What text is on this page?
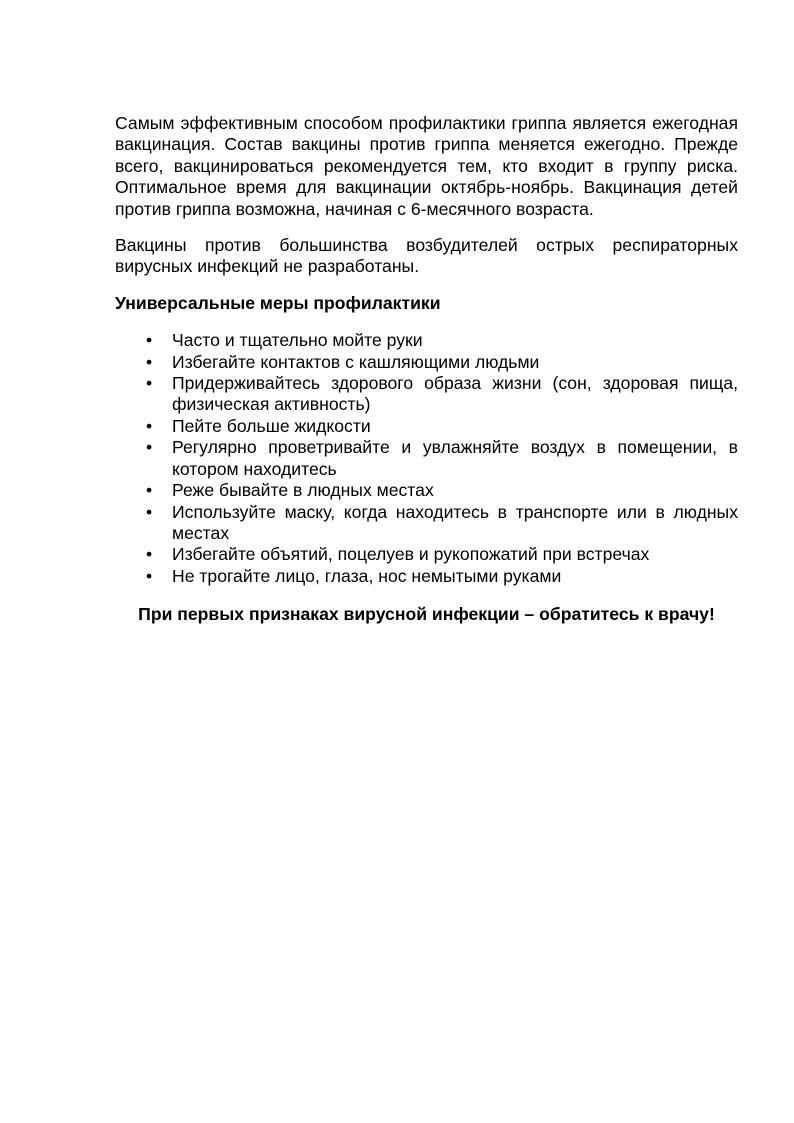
Самым эффективным способом профилактики гриппа является ежегодная вакцинация. Состав вакцины против гриппа меняется ежегодно. Прежде всего, вакцинироваться рекомендуется тем, кто входит в группу риска. Оптимальное время для вакцинации октябрь-ноябрь. Вакцинация детей против гриппа возможна, начиная с 6-месячного возраста.

Вакцины против большинства возбудителей острых респираторных вирусных инфекций не разработаны.

Универсальные меры профилактики

• Часто и тщательно мойте руки
• Избегайте контактов с кашляющими людьми
• Придерживайтесь здорового образа жизни (сон, здоровая пища, физическая активность)
• Пейте больше жидкости
• Регулярно проветривайте и увлажняйте воздух в помещении, в котором находитесь
• Реже бывайте в людных местах
• Используйте маску, когда находитесь в транспорте или в людных местах
• Избегайте объятий, поцелуев и рукопожатий при встречах
• Не трогайте лицо, глаза, нос немытыми руками

При первых признаках вирусной инфекции – обратитесь к врачу!
